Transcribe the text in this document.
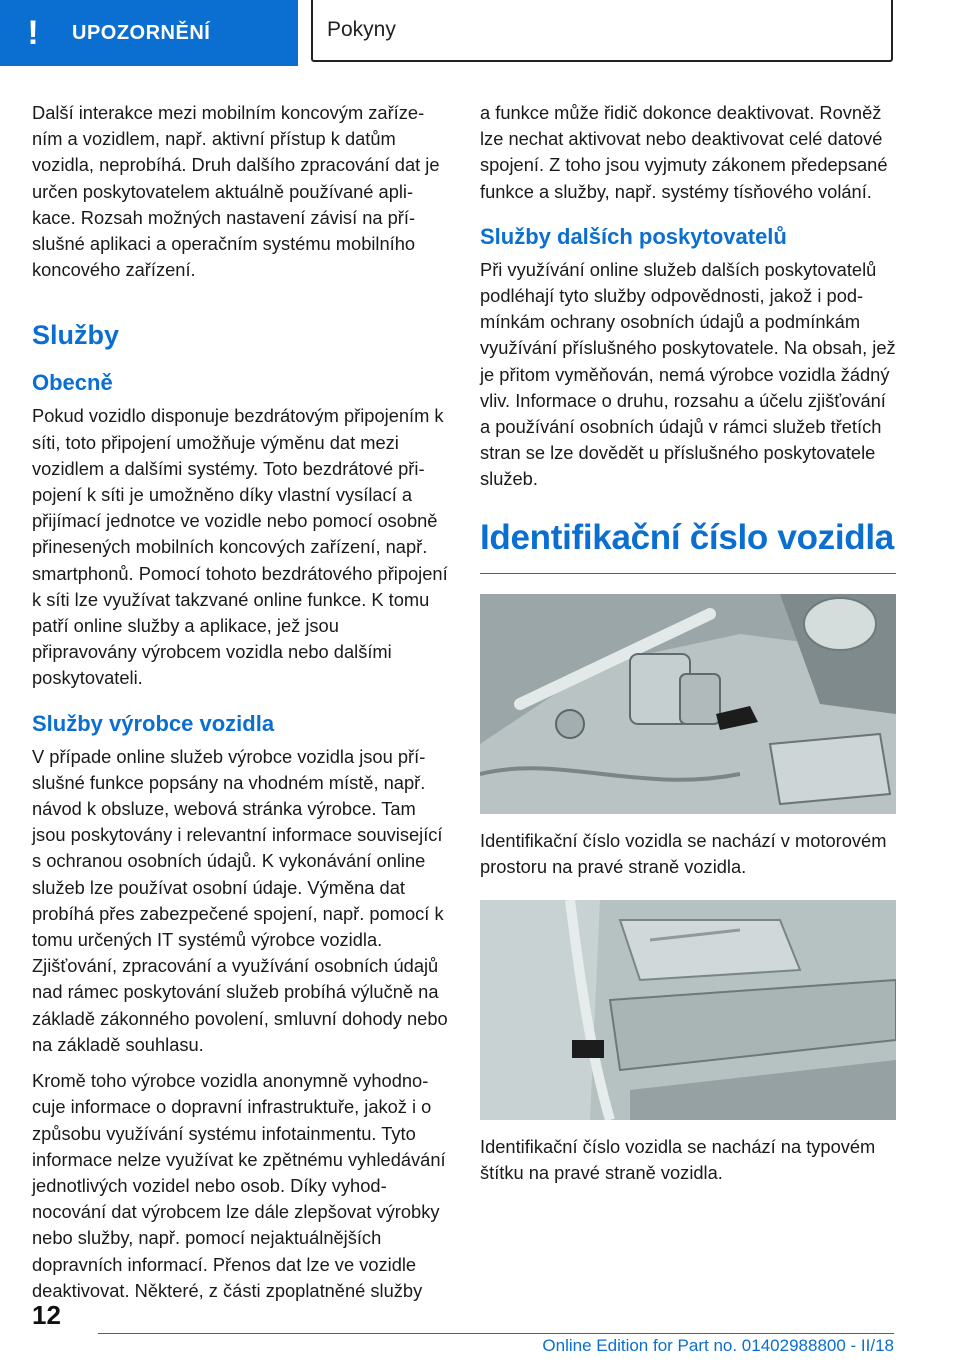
!	UPOZORNĚNÍ	Pokyny

Další interakce mezi mobilním koncovým zařízením a vozidlem, např. aktivní přístup k datům vozidla, neprobíhá. Druh dalšího zpracování dat je určen poskytovatelem aktuálně používané aplikace. Rozsah možných nastavení závisí na příslušné aplikaci a operačním systému mobilního koncového zařízení.

Služby
Obecně

Pokud vozidlo disponuje bezdrátovým připojením k síti, toto připojení umožňuje výměnu dat mezi vozidlem a dalšími systémy. Toto bezdrátové připojení k síti je umožněno díky vlastní vysílací a přijímací jednotce ve vozidle nebo pomocí osobně přinesených mobilních koncových zařízení, např. smartphonů. Pomocí tohoto bezdrátového připojení k síti lze využívat takzvané online funkce. K tomu patří online služby a aplikace, jež jsou připravovány výrobcem vozidla nebo dalšími poskytovateli.

Služby výrobce vozidla

V případe online služeb výrobce vozidla jsou příslušné funkce popsány na vhodném místě, např. návod k obsluze, webová stránka výrobce. Tam jsou poskytovány i relevantní informace související s ochranou osobních údajů. K vykonávání online služeb lze používat osobní údaje. Výměna dat probíhá přes zabezpečené spojení, např. pomocí k tomu určených IT systémů výrobce vozidla. Zjišťování, zpracování a využívání osobních údajů nad rámec poskytování služeb probíhá výlučně na základě zákonného povolení, smluvní dohody nebo na základě souhlasu.

Kromě toho výrobce vozidla anonymně vyhodnocuje informace o dopravní infrastruktuře, jakož i o způsobu využívání systému infotainmentu. Tyto informace nelze využívat ke zpětnému vyhledávání jednotlivých vozidel nebo osob. Díky vyhodnocování dat výrobcem lze dále zlepšovat výrobky nebo služby, např. pomocí nejaktuálnějších dopravních informací. Přenos dat lze ve vozidle deaktivovat. Některé, z části zpoplatněné služby

a funkce může řidič dokonce deaktivovat. Rovněž lze nechat aktivovat nebo deaktivovat celé datové spojení. Z toho jsou vyjmuty zákonem předepsané funkce a služby, např. systémy tísňového volání.

Služby dalších poskytovatelů

Při využívání online služeb dalších poskytovatelů podléhají tyto služby odpovědnosti, jakož i podmínkám ochrany osobních údajů a podmínkám využívání příslušného poskytovatele. Na obsah, jež je přitom vyměňován, nemá výrobce vozidla žádný vliv. Informace o druhu, rozsahu a účelu zjišťování a používání osobních údajů v rámci služeb třetích stran se lze dovědět u příslušného poskytovatele služeb.

Identifikační číslo vozidla

Identifikační číslo vozidla se nachází v motorovém prostoru na pravé straně vozidla.

Identifikační číslo vozidla se nachází na typovém štítku na pravé straně vozidla.

12
Online Edition for Part no. 01402988800 - II/18
